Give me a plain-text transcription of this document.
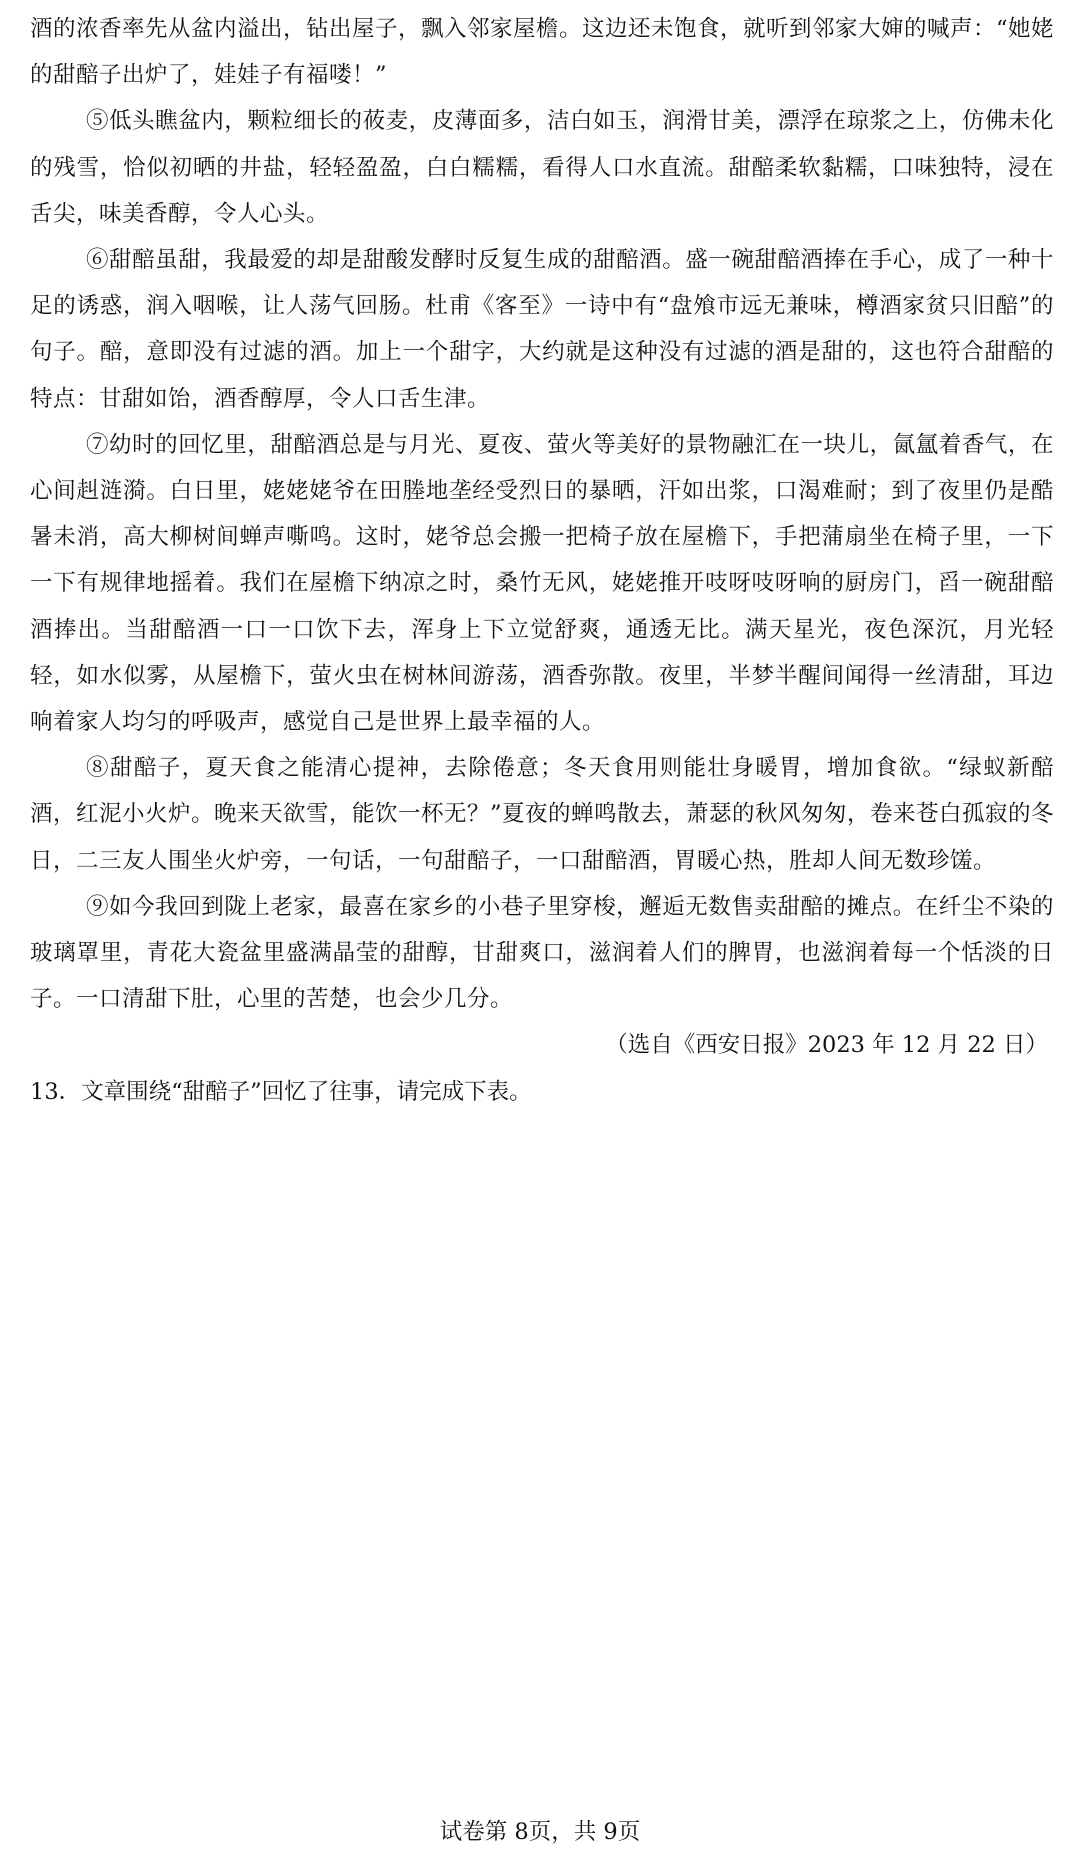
酒的浓香率先从盆内溢出，钻出屋子，飘入邻家屋檐。这边还未饱食，就听到邻家大婶的喊声：“她姥的甜醅子出炉了，娃娃子有福喽！”

⑤低头瞧盆内，颗粒细长的莜麦，皮薄面多，洁白如玉，润滑甘美，漂浮在琼浆之上，仿佛未化的残雪，恰似初晒的井盐，轻轻盈盈，白白糯糯，看得人口水直流。甜醅柔软黏糯，口味独特，浸在舌尖，味美香醇，令人心头。

⑥甜醅虽甜，我最爱的却是甜酸发酵时反复生成的甜醅酒。盛一碗甜醅酒捧在手心，成了一种十足的诱惑，润入咽喉，让人荡气回肠。杜甫《客至》一诗中有“盘飧市远无兼味，樽酒家贫只旧醅”的句子。醅，意即没有过滤的酒。加上一个甜字，大约就是这种没有过滤的酒是甜的，这也符合甜醅的特点：甘甜如饴，酒香醇厚，令人口舌生津。

⑦幼时的回忆里，甜醅酒总是与月光、夏夜、萤火等美好的景物融汇在一块儿，氤氲着香气，在心间赳涟漪。白日里，姥姥姥爷在田塍地垄经受烈日的暴晒，汗如出浆，口渴难耐；到了夜里仍是酷暑未消，高大柳树间蝉声嘶鸣。这时，姥爷总会搬一把椅子放在屋檐下，手把蒲扇坐在椅子里，一下一下有规律地摇着。我们在屋檐下纳凉之时，桑竹无风，姥姥推开吱呀吱呀响的厨房门，舀一碗甜醅酒捧出。当甜醅酒一口一口饮下去，浑身上下立觉舒爽，通透无比。满天星光，夜色深沉，月光轻轻，如水似雾，从屋檐下，萤火虫在树林间游荡，酒香弥散。夜里，半梦半醒间闻得一丝清甜，耳边响着家人均匀的呼吸声，感觉自己是世界上最幸福的人。

⑧甜醅子，夏天食之能清心提神，去除倦意；冬天食用则能壮身暖胃，增加食欲。“绿蚁新醅酒，红泥小火炉。晚来天欲雪，能饮一杯无？”夏夜的蝉鸣散去，萧瑟的秋风匆匆，卷来苍白孤寂的冬日，二三友人围坐火炉旁，一句话，一句甜醅子，一口甜醅酒，胃暖心热，胜却人间无数珍馐。

⑨如今我回到陇上老家，最喜在家乡的小巷子里穿梭，邂逅无数售卖甜醅的摊点。在纤尘不染的玻璃罩里，青花大瓷盆里盛满晶莹的甜醇，甘甜爽口，滋润着人们的脾胃，也滋润着每一个恬淡的日子。一口清甜下肚，心里的苦楚，也会少几分。

（选自《西安日报》2023 年 12 月 22 日）

13．文章围绕“甜醅子”回忆了往事，请完成下表。

试卷第 8页，共 9页
